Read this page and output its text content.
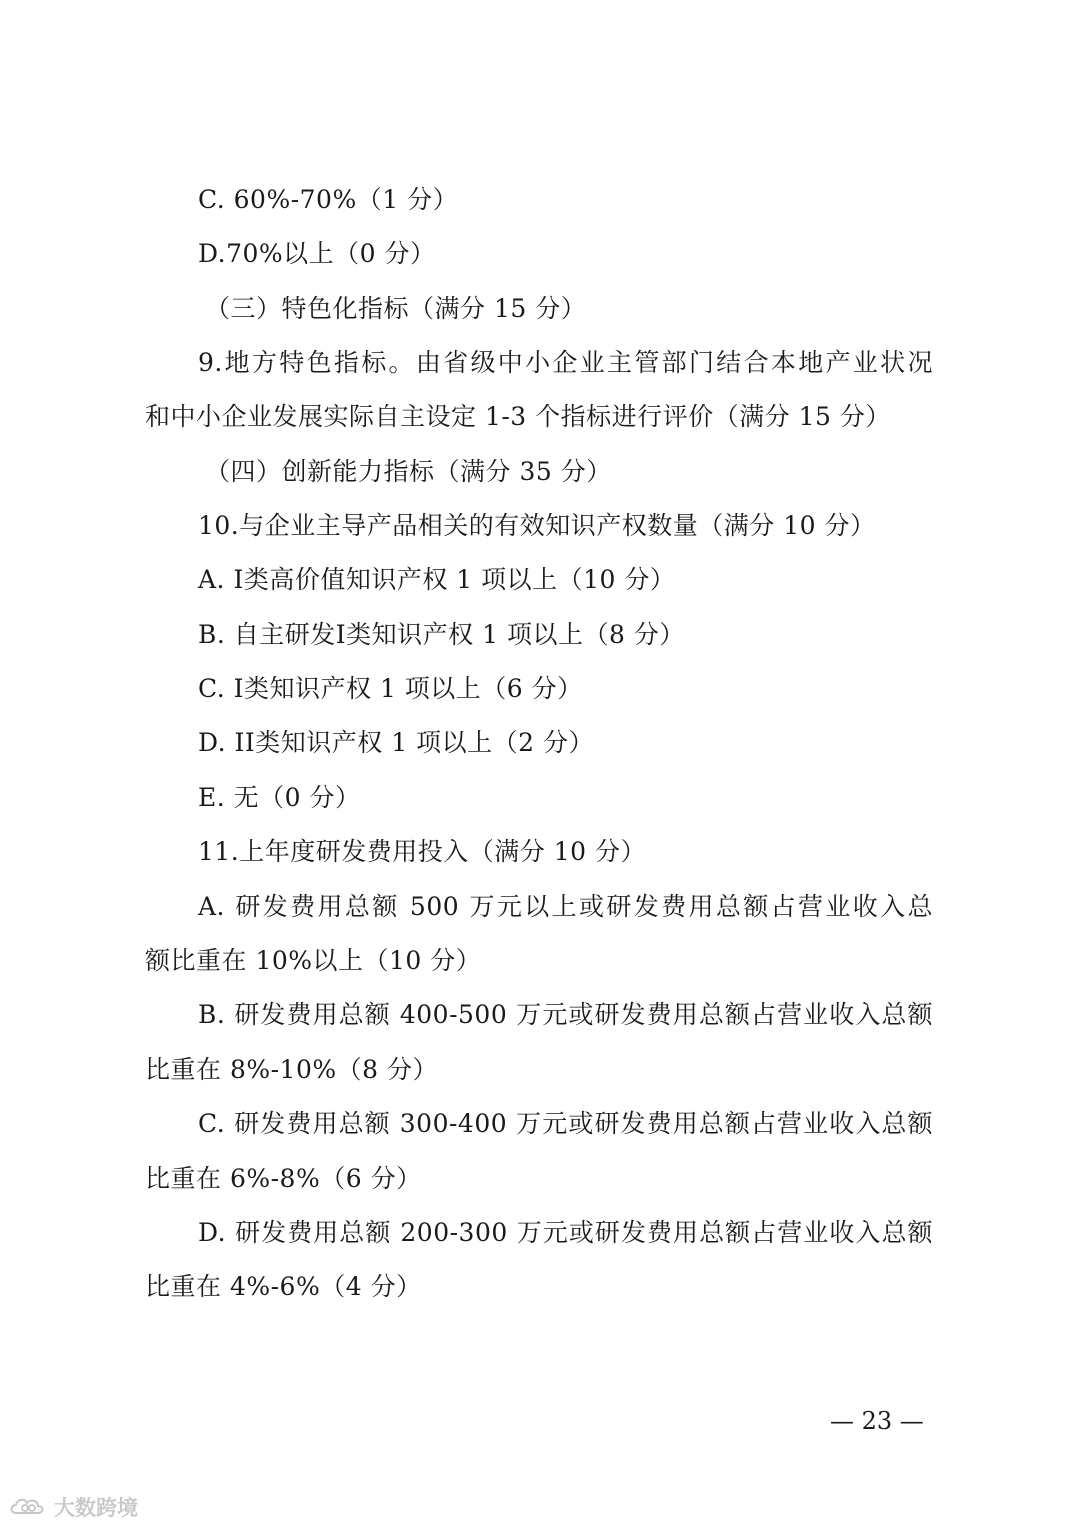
C. 60%-70%（1 分）
D.70%以上（0 分）
（三）特色化指标（满分 15 分）
9.地方特色指标。由省级中小企业主管部门结合本地产业状况
和中小企业发展实际自主设定 1-3 个指标进行评价（满分 15 分）
（四）创新能力指标（满分 35 分）
10.与企业主导产品相关的有效知识产权数量（满分 10 分）
A. I类高价值知识产权 1 项以上（10 分）
B. 自主研发I类知识产权 1 项以上（8 分）
C. I类知识产权 1 项以上（6 分）
D. II类知识产权 1 项以上（2 分）
E. 无（0 分）
11.上年度研发费用投入（满分 10 分）
A. 研发费用总额 500 万元以上或研发费用总额占营业收入总
额比重在 10%以上（10 分）
B. 研发费用总额 400-500 万元或研发费用总额占营业收入总额
比重在 8%-10%（8 分）
C. 研发费用总额 300-400 万元或研发费用总额占营业收入总额
比重在 6%-8%（6 分）
D. 研发费用总额 200-300 万元或研发费用总额占营业收入总额
比重在 4%-6%（4 分）
— 23 —
大数跨境
